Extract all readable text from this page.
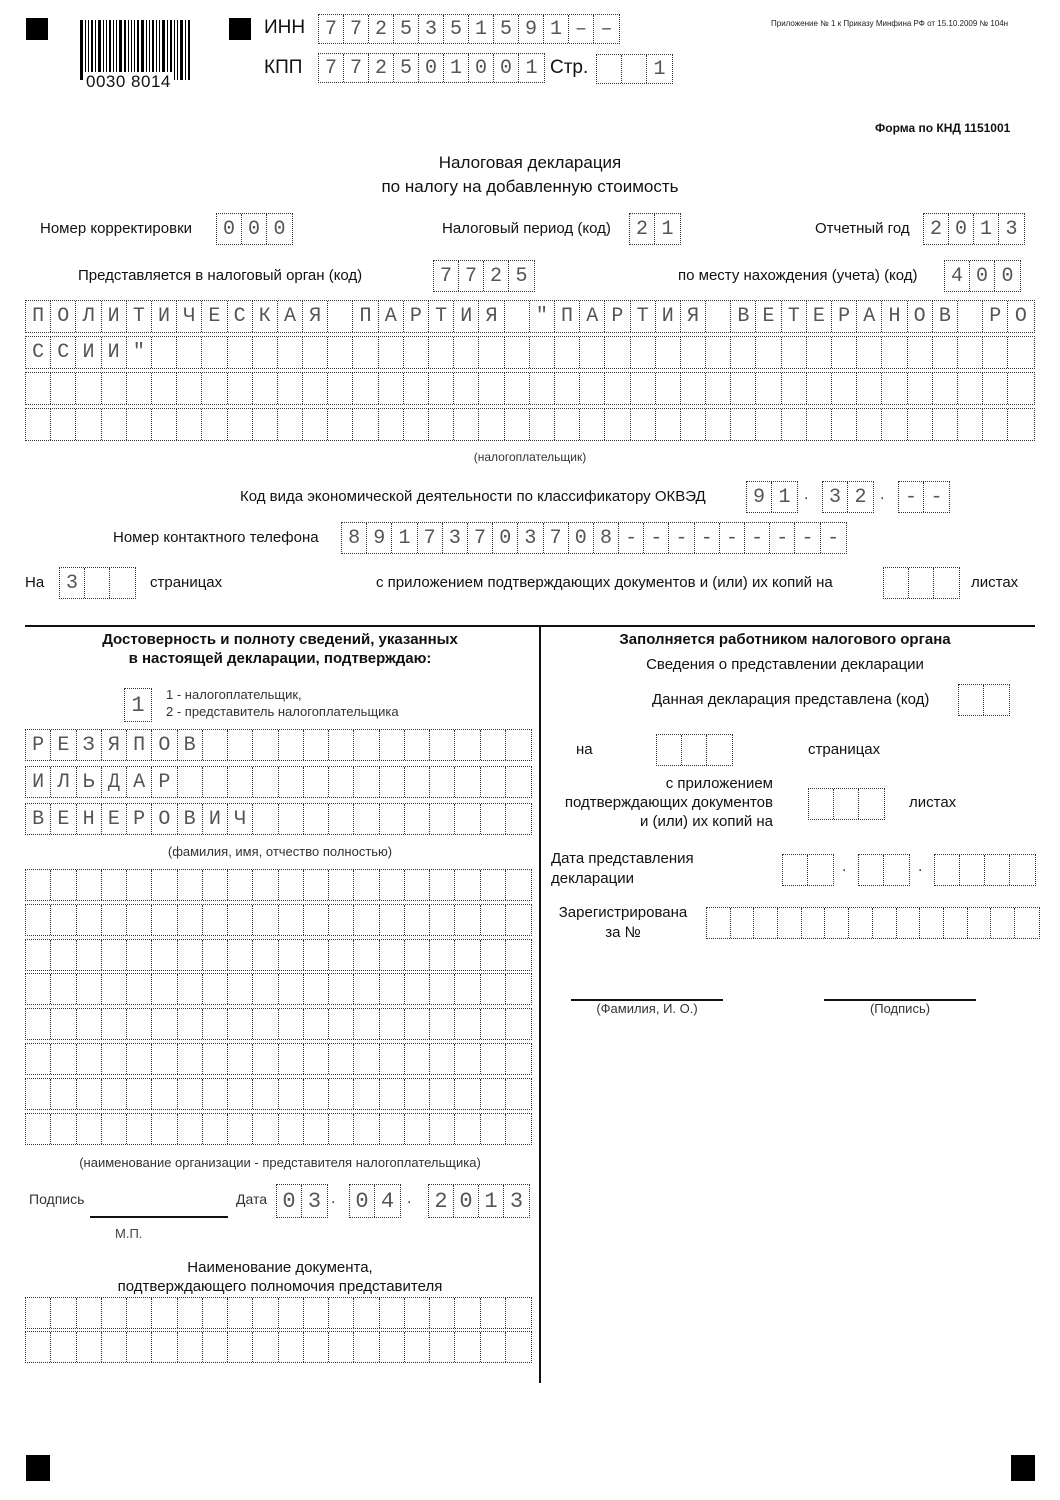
0030 8014
ИНН 7 7 2 5 3 5 1 5 9 1 – –
КПП 7 7 2 5 0 1 0 0 1 Стр.	1
Приложение № 1 к Приказу Минфина РФ от 15.10.2009 № 104н
Форма по КНД 1151001
Налоговая декларация
по налогу на добавленную стоимость
Номер корректировки 0 0 0	Налоговый период (код) 2 1	Отчетный год 2 0 1 3
Представляется в налоговый орган (код)	7 7 2 5	по месту нахождения (учета) (код) 4 0 0
П О Л И Т И Ч Е С К А Я	П А Р Т И Я	" П А Р Т И Я	В Е Т Е Р А Н О В	Р О
С С И И "
(налогоплательщик)
Код вида экономической деятельности по классификатору ОКВЭД 9 1 . 3 2 . - -
Номер контактного телефона	8 9 1 7 3 7 0 3 7 0 8 - - - - - - - - -
На 3	страницах	с приложением подтверждающих документов и (или) их копий на	листах
Достоверность и полноту сведений, указанных
в настоящей декларации, подтверждаю:
1	1 - налогоплательщик,
2 - представитель налогоплательщика
Р Е З Я П О В
И Л Ь Д А Р
В Е Н Е Р О В И Ч
(фамилия, имя, отчество полностью)
(наименование организации - представителя налогоплательщика)
Подпись
М.П.
Дата 0 3 . 0 4 . 2 0 1 3
Наименование документа,
подтверждающего полномочия представителя
Заполняется работником налогового органа
Сведения о представлении декларации
Данная декларация представлена (код)
на	страницах
с приложением
подтверждающих документов
и (или) их копий на
листах
Дата представления
декларации
.	.
Зарегистрирована
за №
(Фамилия, И. О.)	(Подпись)
